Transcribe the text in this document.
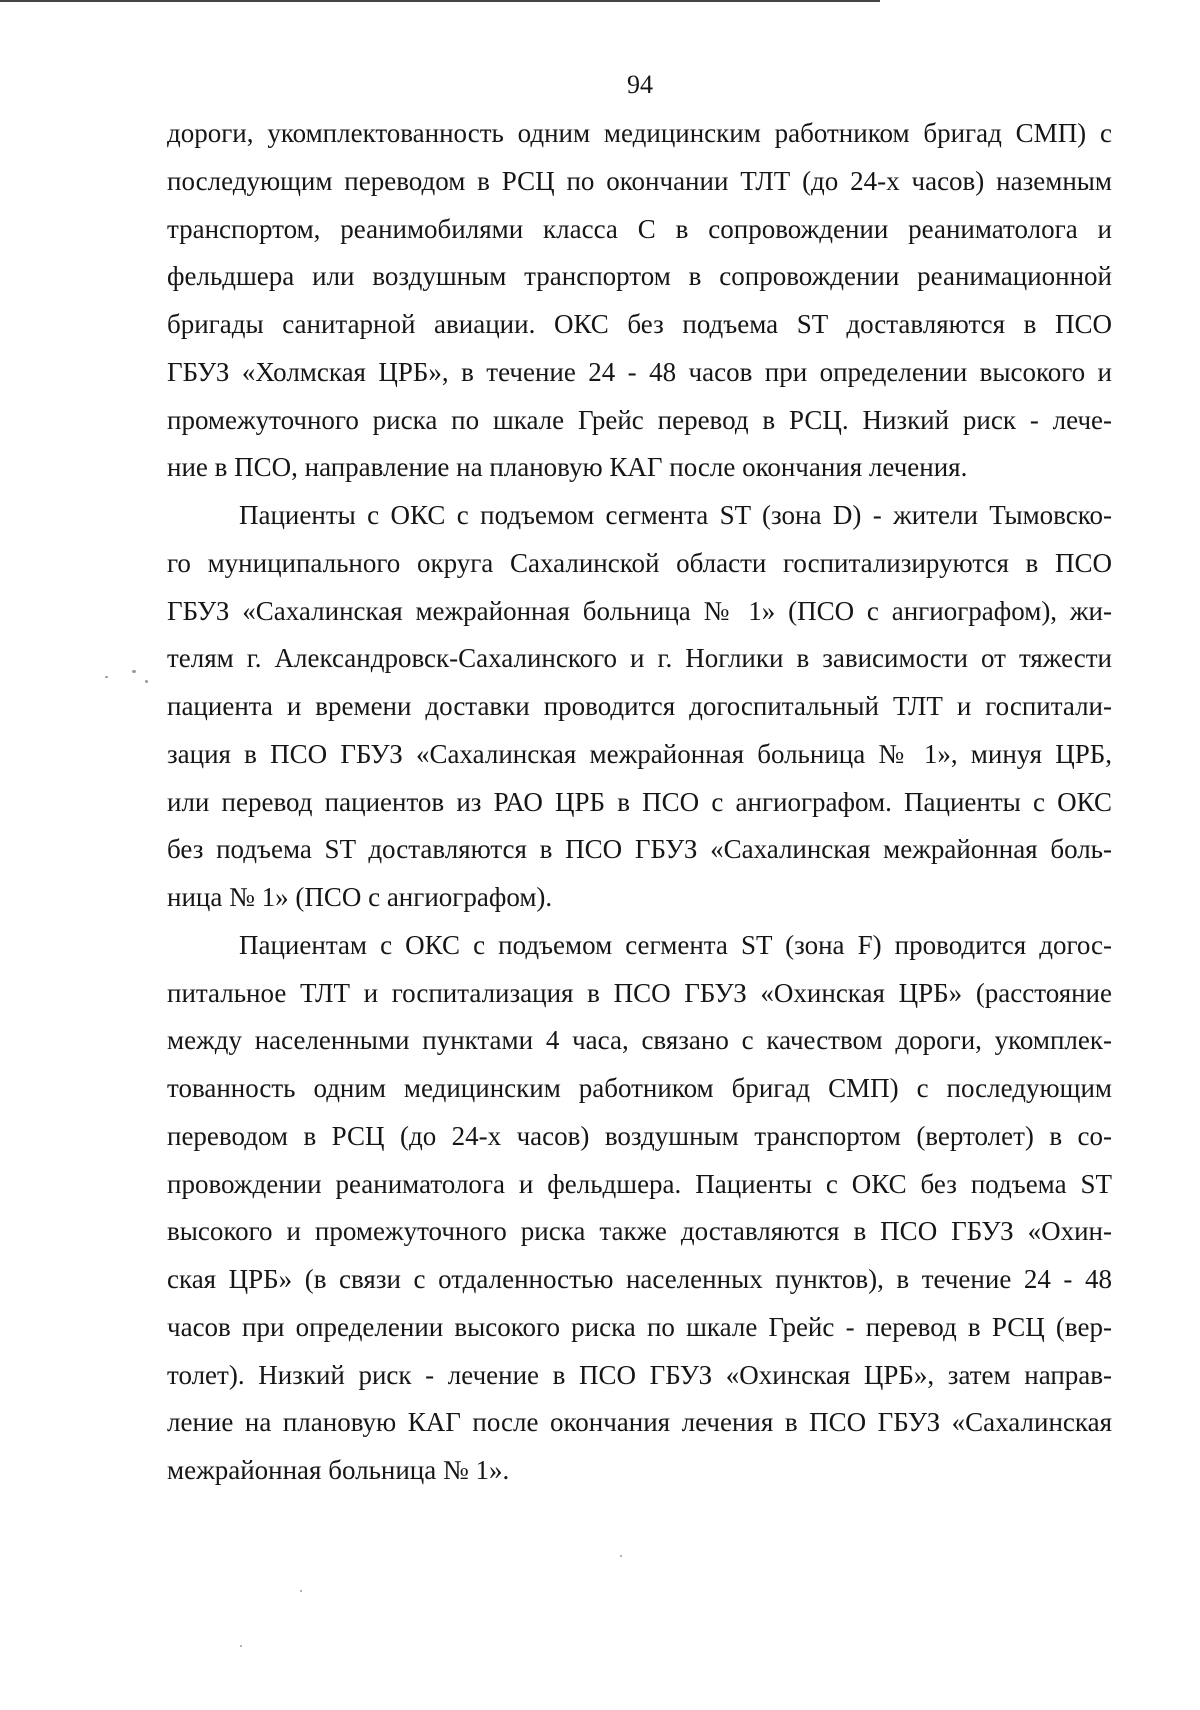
94
дороги, укомплектованность одним медицинским работником бригад СМП) с
последующим переводом в РСЦ по окончании ТЛТ (до 24-х часов) наземным
транспортом, реанимобилями класса С в сопровождении реаниматолога и
фельдшера или воздушным транспортом в сопровождении реанимационной
бригады санитарной авиации. ОКС без подъема ST доставляются в ПСО
ГБУЗ «Холмская ЦРБ», в течение 24 - 48 часов при определении высокого и
промежуточного риска по шкале Грейс перевод в РСЦ. Низкий риск - лече-
ние в ПСО, направление на плановую КАГ после окончания лечения.
Пациенты с ОКС с подъемом сегмента ST (зона D) - жители Тымовско-
го муниципального округа Сахалинской области госпитализируются в ПСО
ГБУЗ «Сахалинская межрайонная больница № 1» (ПСО с ангиографом), жи-
телям г. Александровск-Сахалинского и г. Ноглики в зависимости от тяжести
пациента и времени доставки проводится догоспитальный ТЛТ и госпитали-
зация в ПСО ГБУЗ «Сахалинская межрайонная больница № 1», минуя ЦРБ,
или перевод пациентов из РАО ЦРБ в ПСО с ангиографом. Пациенты с ОКС
без подъема ST доставляются в ПСО ГБУЗ «Сахалинская межрайонная боль-
ница № 1» (ПСО с ангиографом).
Пациентам с ОКС с подъемом сегмента ST (зона F) проводится догос-
питальное ТЛТ и госпитализация в ПСО ГБУЗ «Охинская ЦРБ» (расстояние
между населенными пунктами 4 часа, связано с качеством дороги, укомплек-
тованность одним медицинским работником бригад СМП) с последующим
переводом в РСЦ (до 24-х часов) воздушным транспортом (вертолет) в со-
провождении реаниматолога и фельдшера. Пациенты с ОКС без подъема ST
высокого и промежуточного риска также доставляются в ПСО ГБУЗ «Охин-
ская ЦРБ» (в связи с отдаленностью населенных пунктов), в течение 24 - 48
часов при определении высокого риска по шкале Грейс - перевод в РСЦ (вер-
толет). Низкий риск - лечение в ПСО ГБУЗ «Охинская ЦРБ», затем направ-
ление на плановую КАГ после окончания лечения в ПСО ГБУЗ «Сахалинская
межрайонная больница № 1».
